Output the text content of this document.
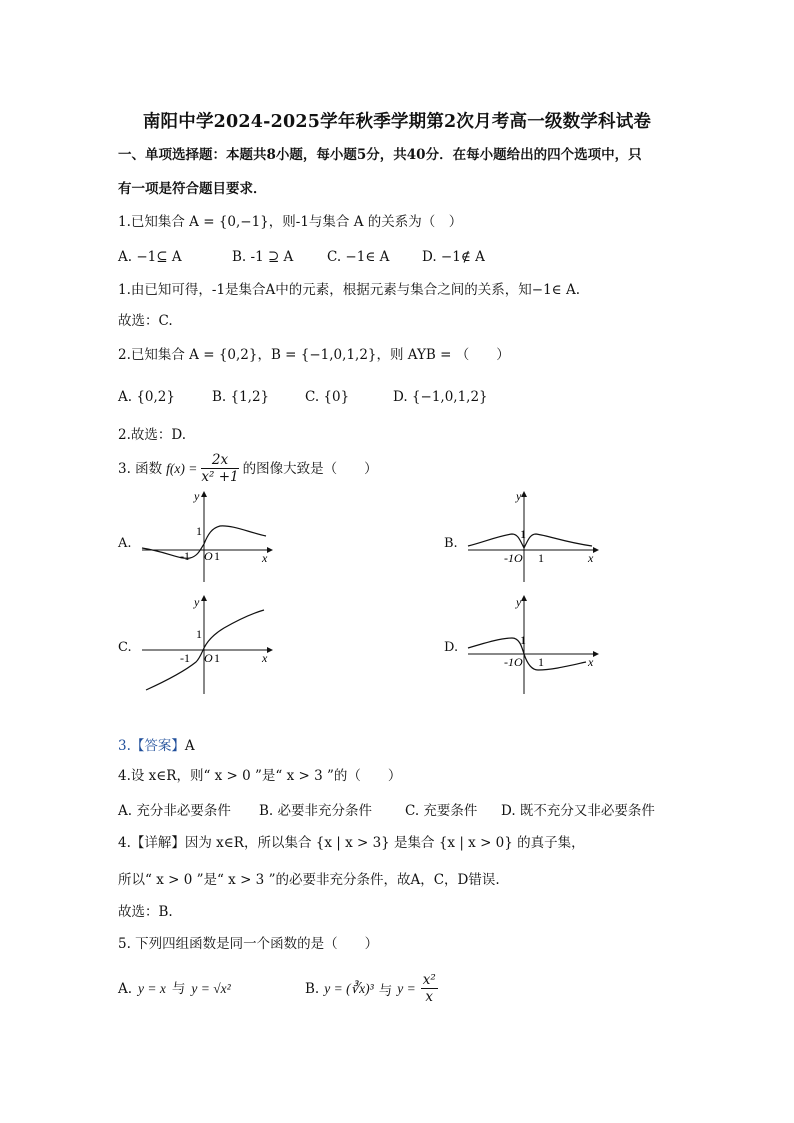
南阳中学2024-2025学年秋季学期第2次月考高一级数学科试卷
一、单项选择题：本题共8小题，每小题5分，共40分．在每小题给出的四个选项中，只
有一项是符合题目要求．
1.已知集合 A = {0,−1}，则-1与集合 A 的关系为（　）
A. −1⊆ A	B. -1 ⊇ A C. −1∈ A D. −1∉ A
1.由已知可得，-1是集合A中的元素，根据元素与集合之间的关系，知−1∈ A.
故选：C.
2.已知集合 A = {0,2}，B = {−1,0,1,2}，则 AYB = （　　）
A. {0,2}	B. {1,2}	C. {0}	D. {−1,0,1,2}
2.故选：D.
3. 函数 $f(x) = \frac{2x}{\text{x² +1}}$ 的图像大致是（　　）
A.	B.
C.	D.
y
x
1
-1 O 1
y
x
1
-1O 1
y
x
1
-1 O 1
y
x
1
-1O 1
3.【答案】A
4.设 x∈R，则“ x > 0 ”是“ x > 3 ”的（　　）
A. 充分非必要条件 B. 必要非充分条件 C. 充要条件 D. 既不充分又非必要条件
4.【详解】因为 x∈R，所以集合 {x | x > 3} 是集合 {x | x > 0} 的真子集，
所以“ x > 0 ”是“ x > 3 ”的必要非充分条件，故A，C，D错误.
故选：B.
5. 下列四组函数是同一个函数的是（　　）
A. y = x 与 y = √x²	B. y = (∛x)³ 与 $y = \frac{\text{x²}}{x}$
